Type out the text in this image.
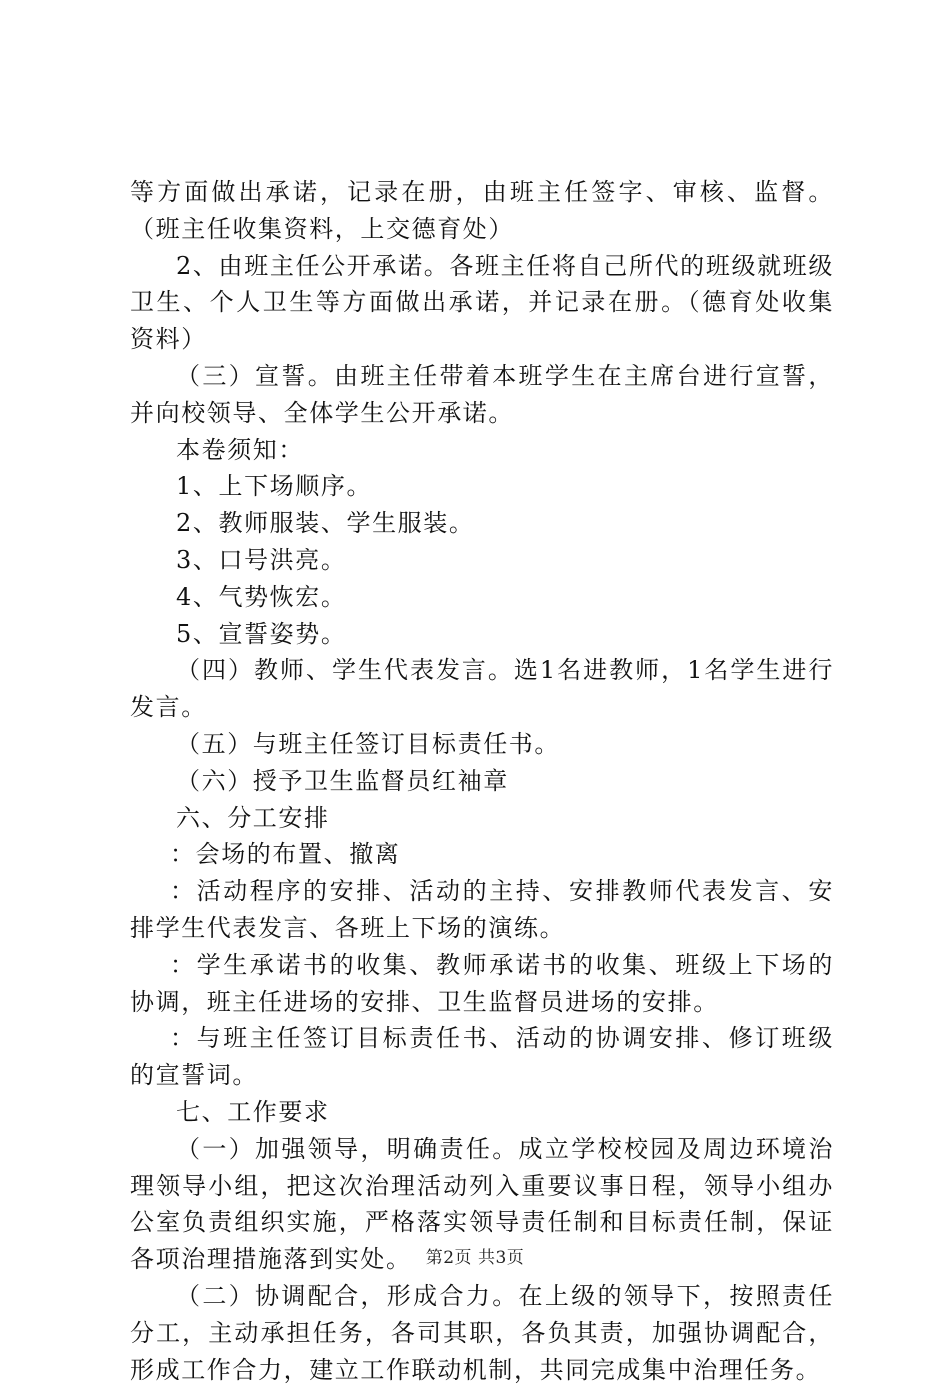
等方面做出承诺，记录在册，由班主任签字、审核、监督。（班主任收集资料，上交德育处）

2、由班主任公开承诺。各班主任将自己所代的班级就班级卫生、个人卫生等方面做出承诺，并记录在册。（德育处收集资料）

（三）宣誓。由班主任带着本班学生在主席台进行宣誓，并向校领导、全体学生公开承诺。

本卷须知：

1、上下场顺序。

2、教师服装、学生服装。

3、口号洪亮。

4、气势恢宏。

5、宣誓姿势。

（四）教师、学生代表发言。选1名进教师，1名学生进行发言。

（五）与班主任签订目标责任书。

（六）授予卫生监督员红袖章

六、分工安排

：会场的布置、撤离

：活动程序的安排、活动的主持、安排教师代表发言、安排学生代表发言、各班上下场的演练。

：学生承诺书的收集、教师承诺书的收集、班级上下场的协调，班主任进场的安排、卫生监督员进场的安排。

：与班主任签订目标责任书、活动的协调安排、修订班级的宣誓词。

七、工作要求

（一）加强领导，明确责任。成立学校校园及周边环境治理领导小组，把这次治理活动列入重要议事日程，领导小组办公室负责组织实施，严格落实领导责任制和目标责任制，保证各项治理措施落到实处。

（二）协调配合，形成合力。在上级的领导下，按照责任分工，主动承担任务，各司其职，各负其责，加强协调配合，形成工作合力，建立工作联动机制，共同完成集中治理任务。

第2页 共3页
